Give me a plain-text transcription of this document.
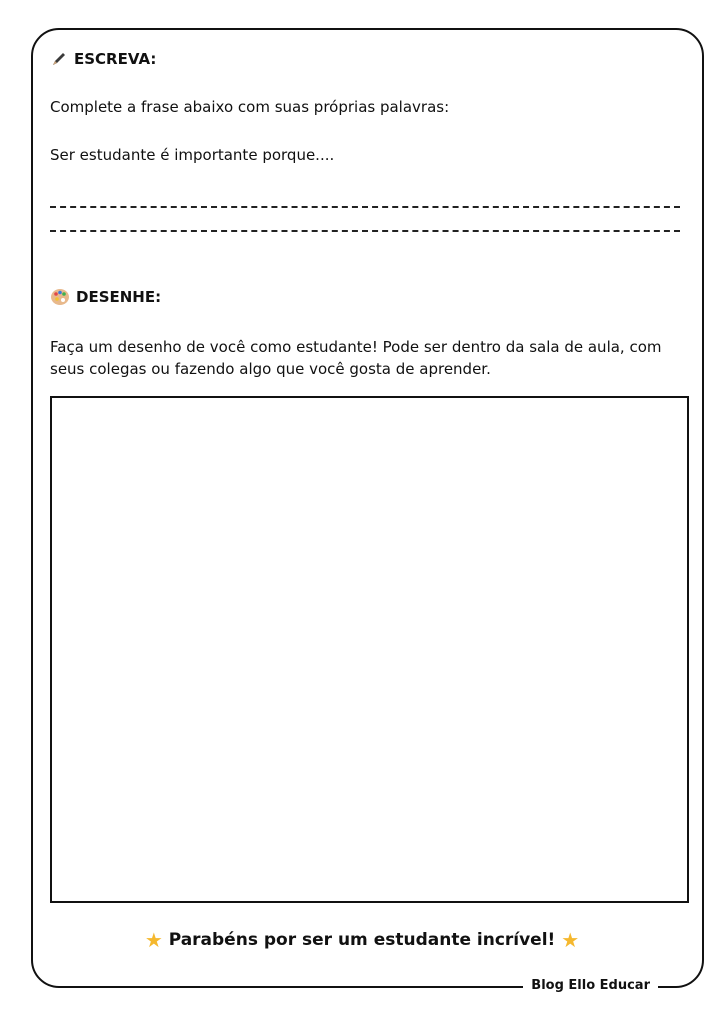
ESCREVA:
Complete a frase abaixo com suas próprias palavras:
Ser estudante é importante porque....
DESENHE:
Faça um desenho de você como estudante! Pode ser dentro da sala de aula, com seus colegas ou fazendo algo que você gosta de aprender.
★ Parabéns por ser um estudante incrível! ★
Blog Ello Educar
